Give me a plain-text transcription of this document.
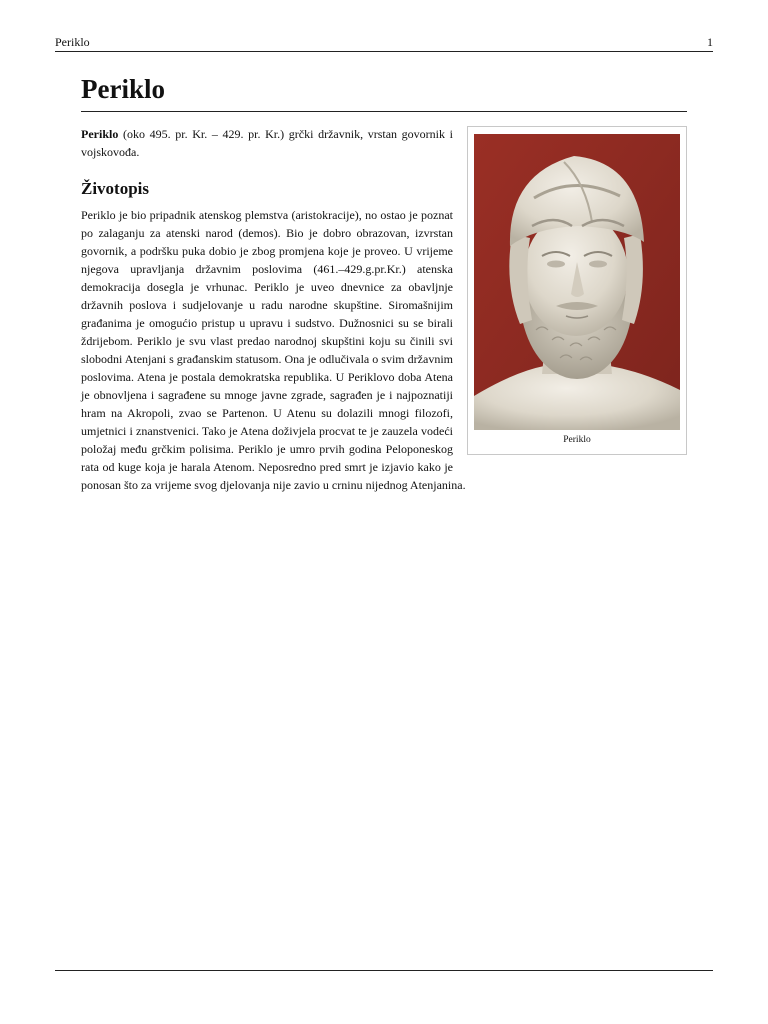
Periklo	1
Periklo
Periklo

Periklo (oko 495. pr. Kr. – 429. pr. Kr.) grčki državnik, vrstan govornik i vojskovođa.

Životopis

Periklo je bio pripadnik atenskog plemstva (aristokracije), no ostao je poznat po zalaganju za atenski narod (demos). Bio je dobro obrazovan, izvrstan govornik, a podršku puka dobio je zbog promjena koje je proveo. U vrijeme njegova upravljanja državnim poslovima (461.–429.g.pr.Kr.) atenska demokracija dosegla je vrhunac. Periklo je uveo dnevnice za obavljnje državnih poslova i sudjelovanje u radu narodne skupštine. Siromašnijim građanima je omogućio pristup u upravu i sudstvo. Dužnosnici su se birali ždrijebom. Periklo je svu vlast predao narodnoj skupštini koju su činili svi slobodni Atenjani s građanskim statusom. Ona je odlučivala o svim državnim poslovima. Atena je postala demokratska republika. U Periklovo doba Atena je obnovljena i sagrađene su mnoge javne zgrade, sagrađen je i najpoznatiji hram na Akropoli, zvao se Partenon. U Atenu su dolazili mnogi filozofi, umjetnici i znanstvenici. Tako je Atena doživjela procvat te je zauzela vodeći položaj među grčkim polisima. Periklo je umro prvih godina Peloponeskog rata od kuge koja je harala Atenom. Neposredno pred smrt je izjavio kako je ponosan što za vrijeme svog djelovanja nije zavio u crninu nijednog Atenjanina.
